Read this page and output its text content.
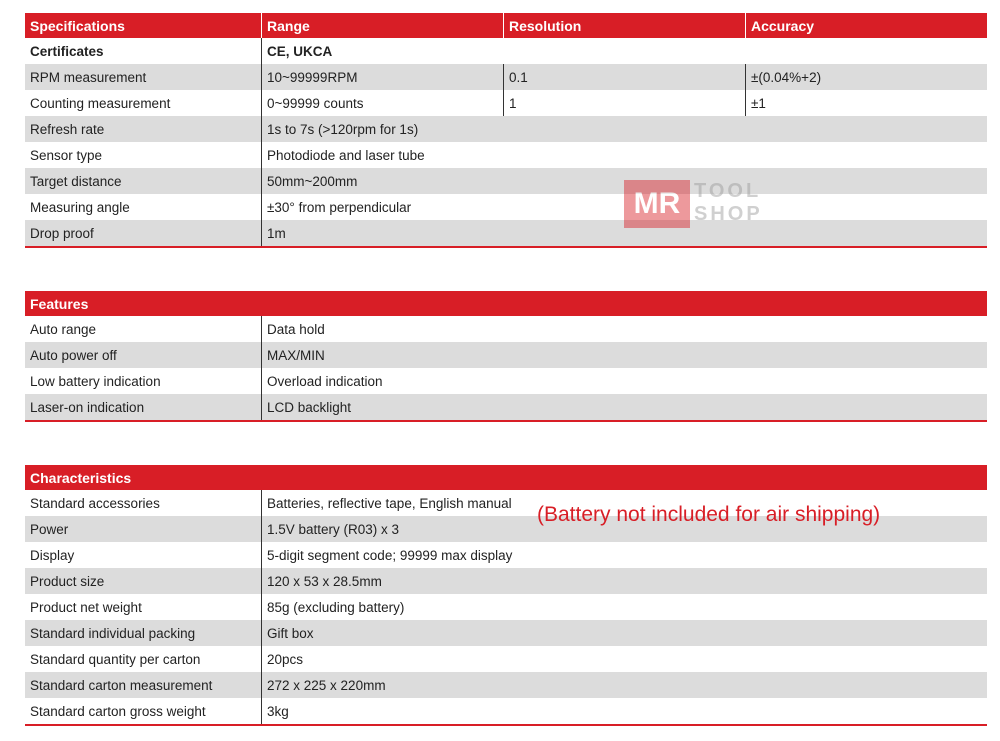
Specifications	Range	Resolution	Accuracy
Certificates	CE, UKCA
RPM measurement	10~99999RPM	0.1	±(0.04%+2)
Counting measurement	0~99999 counts	1	±1
Refresh rate	1s to 7s (>120rpm for 1s)
Sensor type	Photodiode and laser tube
Target distance	50mm~200mm
Measuring angle	±30° from perpendicular
Drop proof	1m
MR TOOL
SHOP
Features
Auto range	Data hold
Auto power off	MAX/MIN
Low battery indication	Overload indication
Laser-on indication	LCD backlight
Characteristics
Standard accessories	Batteries, reflective tape, English manual
Power	1.5V battery (R03) x 3
Display	5-digit segment code; 99999 max display
Product size	120 x 53 x 28.5mm
Product net weight	85g (excluding battery)
Standard individual packing	Gift box
Standard quantity per carton	20pcs
Standard carton measurement	272 x 225 x 220mm
Standard carton gross weight	3kg
(Battery not included for air shipping)
